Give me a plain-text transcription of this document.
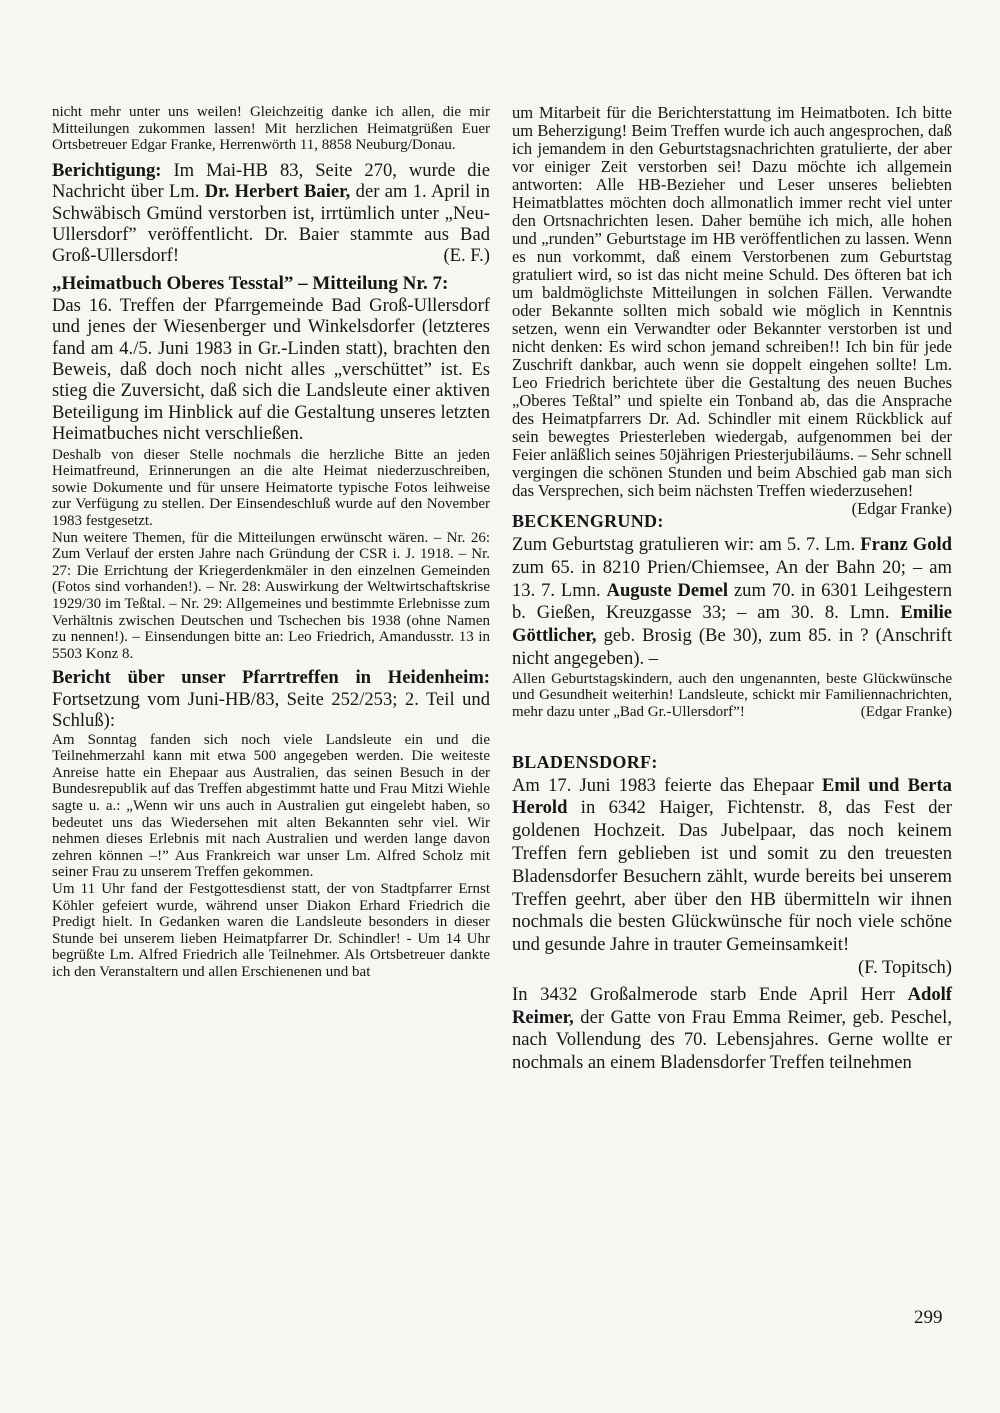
nicht mehr unter uns weilen! Gleichzeitig danke ich allen, die mir Mitteilungen zukommen lassen! Mit herzlichen Heimatgrüßen Euer Ortsbetreuer Edgar Franke, Herrenwörth 11, 8858 Neuburg/Donau.

Berichtigung: Im Mai-HB 83, Seite 270, wurde die Nachricht über Lm. Dr. Herbert Baier, der am 1. April in Schwäbisch Gmünd verstorben ist, irrtümlich unter „Neu-Ullersdorf” veröffentlicht. Dr. Baier stammte aus Bad Groß-Ullersdorf!	(E. F.)

„Heimatbuch Oberes Tesstal” – Mitteilung Nr. 7:

Das 16. Treffen der Pfarrgemeinde Bad Groß-Ullersdorf und jenes der Wiesenberger und Winkelsdorfer (letzteres fand am 4./5. Juni 1983 in Gr.-Linden statt), brachten den Beweis, daß doch noch nicht alles „verschüttet” ist. Es stieg die Zuversicht, daß sich die Landsleute einer aktiven Beteiligung im Hinblick auf die Gestaltung unseres letzten Heimatbuches nicht verschließen.

Deshalb von dieser Stelle nochmals die herzliche Bitte an jeden Heimatfreund, Erinnerungen an die alte Heimat niederzuschreiben, sowie Dokumente und für unsere Heimatorte typische Fotos leihweise zur Verfügung zu stellen. Der Einsendeschluß wurde auf den November 1983 festgesetzt.

Nun weitere Themen, für die Mitteilungen erwünscht wären. – Nr. 26: Zum Verlauf der ersten Jahre nach Gründung der CSR i. J. 1918. – Nr. 27: Die Errichtung der Kriegerdenkmäler in den einzelnen Gemeinden (Fotos sind vorhanden!). – Nr. 28: Auswirkung der Weltwirtschaftskrise 1929/30 im Teßtal. – Nr. 29: Allgemeines und bestimmte Erlebnisse zum Verhältnis zwischen Deutschen und Tschechen bis 1938 (ohne Namen zu nennen!). – Einsendungen bitte an: Leo Friedrich, Amandusstr. 13 in 5503 Konz 8.

Bericht über unser Pfarrtreffen in Heidenheim: Fortsetzung vom Juni-HB/83, Seite 252/253; 2. Teil und Schluß):

Am Sonntag fanden sich noch viele Landsleute ein und die Teilnehmerzahl kann mit etwa 500 angegeben werden. Die weiteste Anreise hatte ein Ehepaar aus Australien, das seinen Besuch in der Bundesrepublik auf das Treffen abgestimmt hatte und Frau Mitzi Wiehle sagte u. a.: „Wenn wir uns auch in Australien gut eingelebt haben, so bedeutet uns das Wiedersehen mit alten Bekannten sehr viel. Wir nehmen dieses Erlebnis mit nach Australien und werden lange davon zehren können –!” Aus Frankreich war unser Lm. Alfred Scholz mit seiner Frau zu unserem Treffen gekommen.

Um 11 Uhr fand der Festgottesdienst statt, der von Stadtpfarrer Ernst Köhler gefeiert wurde, während unser Diakon Erhard Friedrich die Predigt hielt. In Gedanken waren die Landsleute besonders in dieser Stunde bei unserem lieben Heimatpfarrer Dr. Schindler! - Um 14 Uhr begrüßte Lm. Alfred Friedrich alle Teilnehmer. Als Ortsbetreuer dankte ich den Veranstaltern und allen Erschienenen und bat

um Mitarbeit für die Berichterstattung im Heimatboten. Ich bitte um Beherzigung! Beim Treffen wurde ich auch angesprochen, daß ich jemandem in den Geburtstagsnachrichten gratulierte, der aber vor einiger Zeit verstorben sei! Dazu möchte ich allgemein antworten: Alle HB-Bezieher und Leser unseres beliebten Heimatblattes möchten doch allmonatlich immer recht viel unter den Ortsnachrichten lesen. Daher bemühe ich mich, alle hohen und „runden” Geburtstage im HB veröffentlichen zu lassen. Wenn es nun vorkommt, daß einem Verstorbenen zum Geburtstag gratuliert wird, so ist das nicht meine Schuld. Des öfteren bat ich um baldmöglichste Mitteilungen in solchen Fällen. Verwandte oder Bekannte sollten mich sobald wie möglich in Kenntnis setzen, wenn ein Verwandter oder Bekannter verstorben ist und nicht denken: Es wird schon jemand schreiben!! Ich bin für jede Zuschrift dankbar, auch wenn sie doppelt eingehen sollte! Lm. Leo Friedrich berichtete über die Gestaltung des neuen Buches „Oberes Teßtal” und spielte ein Tonband ab, das die Ansprache des Heimatpfarrers Dr. Ad. Schindler mit einem Rückblick auf sein bewegtes Priesterleben wiedergab, aufgenommen bei der Feier anläßlich seines 50jährigen Priesterjubiläums. – Sehr schnell vergingen die schönen Stunden und beim Abschied gab man sich das Versprechen, sich beim nächsten Treffen wiederzusehen!
(Edgar Franke)

BECKENGRUND:

Zum Geburtstag gratulieren wir: am 5. 7. Lm. Franz Gold zum 65. in 8210 Prien/Chiemsee, An der Bahn 20; – am 13. 7. Lmn. Auguste Demel zum 70. in 6301 Leihgestern b. Gießen, Kreuzgasse 33; – am 30. 8. Lmn. Emilie Göttlicher, geb. Brosig (Be 30), zum 85. in ? (Anschrift nicht angegeben). –

Allen Geburtstagskindern, auch den ungenannten, beste Glückwünsche und Gesundheit weiterhin! Landsleute, schickt mir Familiennachrichten, mehr dazu unter „Bad Gr.-Ullersdorf”!	(Edgar Franke)

BLADENSDORF:

Am 17. Juni 1983 feierte das Ehepaar Emil und Berta Herold in 6342 Haiger, Fichtenstr. 8, das Fest der goldenen Hochzeit. Das Jubelpaar, das noch keinem Treffen fern geblieben ist und somit zu den treuesten Bladensdorfer Besuchern zählt, wurde bereits bei unserem Treffen geehrt, aber über den HB übermitteln wir ihnen nochmals die besten Glückwünsche für noch viele schöne und gesunde Jahre in trauter Gemeinsamkeit!

(F. Topitsch)

In 3432 Großalmerode starb Ende April Herr Adolf Reimer, der Gatte von Frau Emma Reimer, geb. Peschel, nach Vollendung des 70. Lebensjahres. Gerne wollte er nochmals an einem Bladensdorfer Treffen teilnehmen

299
